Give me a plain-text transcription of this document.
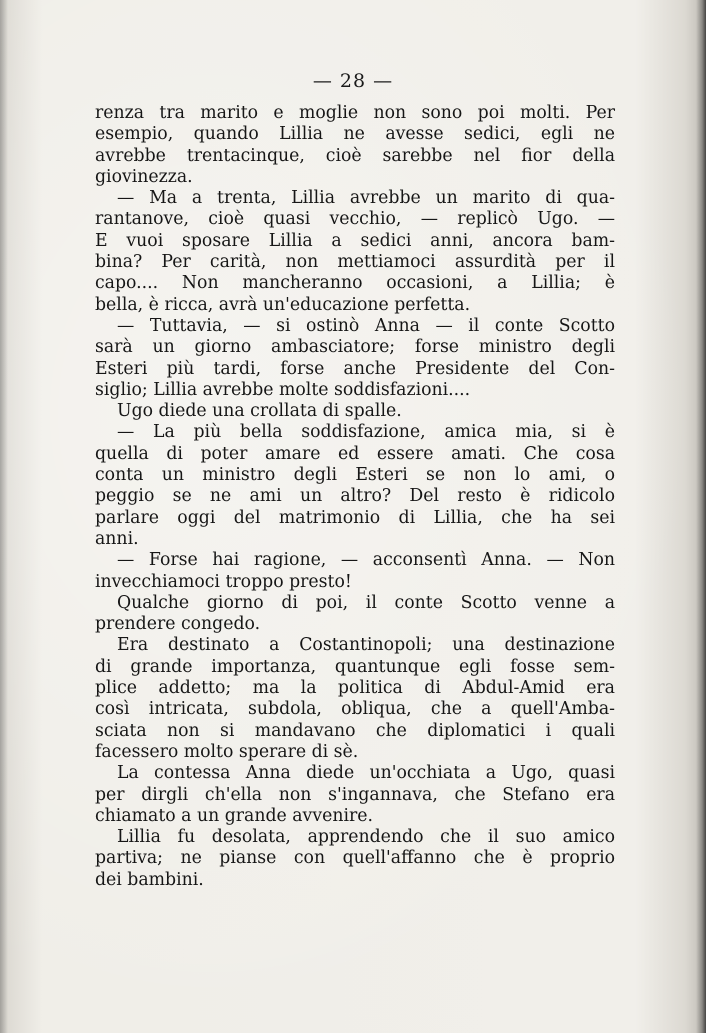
— 28 —
renza tra marito e moglie non sono poi molti. Per
esempio, quando Lillia ne avesse sedici, egli ne
avrebbe trentacinque, cioè sarebbe nel fior della
giovinezza.
— Ma a trenta, Lillia avrebbe un marito di qua-
rantanove, cioè quasi vecchio, — replicò Ugo. —
E vuoi sposare Lillia a sedici anni, ancora bam-
bina? Per carità, non mettiamoci assurdità per il
capo.... Non mancheranno occasioni, a Lillia; è
bella, è ricca, avrà un'educazione perfetta.
— Tuttavia, — si ostinò Anna — il conte Scotto
sarà un giorno ambasciatore; forse ministro degli
Esteri più tardi, forse anche Presidente del Con-
siglio; Lillia avrebbe molte soddisfazioni....
Ugo diede una crollata di spalle.
— La più bella soddisfazione, amica mia, si è
quella di poter amare ed essere amati. Che cosa
conta un ministro degli Esteri se non lo ami, o
peggio se ne ami un altro? Del resto è ridicolo
parlare oggi del matrimonio di Lillia, che ha sei
anni.
— Forse hai ragione, — acconsentì Anna. — Non
invecchiamoci troppo presto!
Qualche giorno di poi, il conte Scotto venne a
prendere congedo.
Era destinato a Costantinopoli; una destinazione
di grande importanza, quantunque egli fosse sem-
plice addetto; ma la politica di Abdul-Amid era
così intricata, subdola, obliqua, che a quell'Amba-
sciata non si mandavano che diplomatici i quali
facessero molto sperare di sè.
La contessa Anna diede un'occhiata a Ugo, quasi
per dirgli ch'ella non s'ingannava, che Stefano era
chiamato a un grande avvenire.
Lillia fu desolata, apprendendo che il suo amico
partiva; ne pianse con quell'affanno che è proprio
dei bambini.
